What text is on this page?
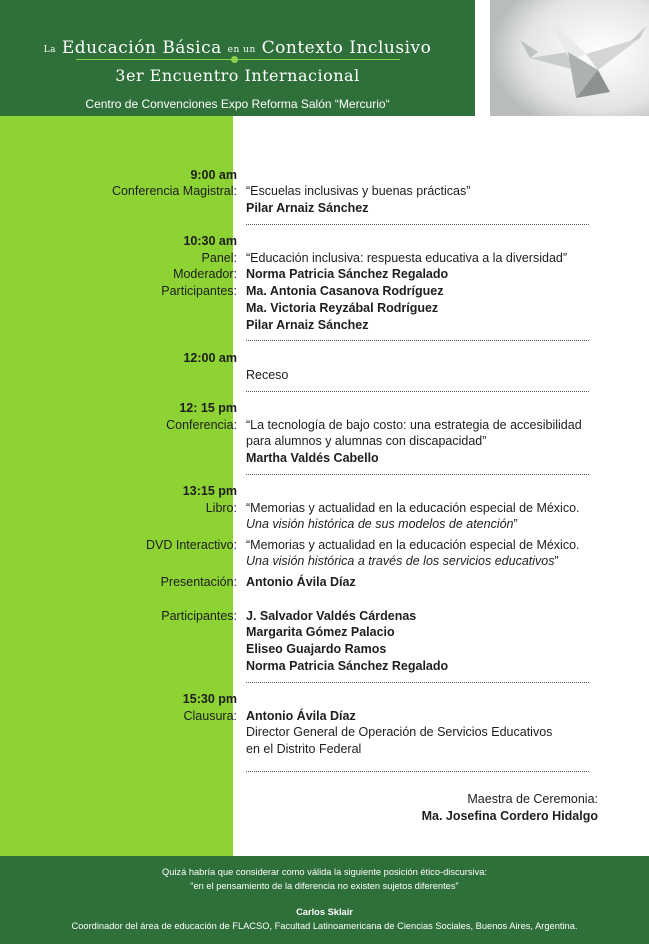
La Educación Básica en un Contexto Inclusivo
3er Encuentro Internacional
Centro de Convenciones Expo Reforma Salón “Mercurio“
9:00 am
Conferencia Magistral: “Escuelas inclusivas y buenas prácticas”
Pilar Arnaiz Sánchez
10:30 am
Panel: “Educación inclusiva: respuesta educativa a la diversidad”
Moderador: Norma Patricia Sánchez Regalado
Participantes: Ma. Antonia Casanova Rodríguez
Ma. Victoria Reyzábal Rodríguez
Pilar Arnaiz Sánchez
12:00 am
Receso
12: 15 pm
Conferencia: “La tecnología de bajo costo: una estrategia de accesibilidad
para alumnos y alumnas con discapacidad”
Martha Valdés Cabello
13:15 pm
Libro: “Memorias y actualidad en la educación especial de México.
Una visión histórica de sus modelos de atención”
DVD Interactivo: “Memorias y actualidad en la educación especial de México.
Una visión histórica a través de los servicios educativos”
Presentación: Antonio Ávila Díaz
Participantes: J. Salvador Valdés Cárdenas
Margarita Gómez Palacio
Eliseo Guajardo Ramos
Norma Patricia Sánchez Regalado
15:30 pm
Clausura: Antonio Ávila Díaz
Director General de Operación de Servicios Educativos
en el Distrito Federal
Maestra de Ceremonia:
Ma. Josefina Cordero Hidalgo
Quizá habría que considerar como válida la siguiente posición ético-discursiva:
“en el pensamiento de la diferencia no existen sujetos diferentes”
Carlos Sklair
Coordinador del área de educación de FLACSO, Facultad Latinoamericana de Ciencias Sociales, Buenos Aires, Argentina.
